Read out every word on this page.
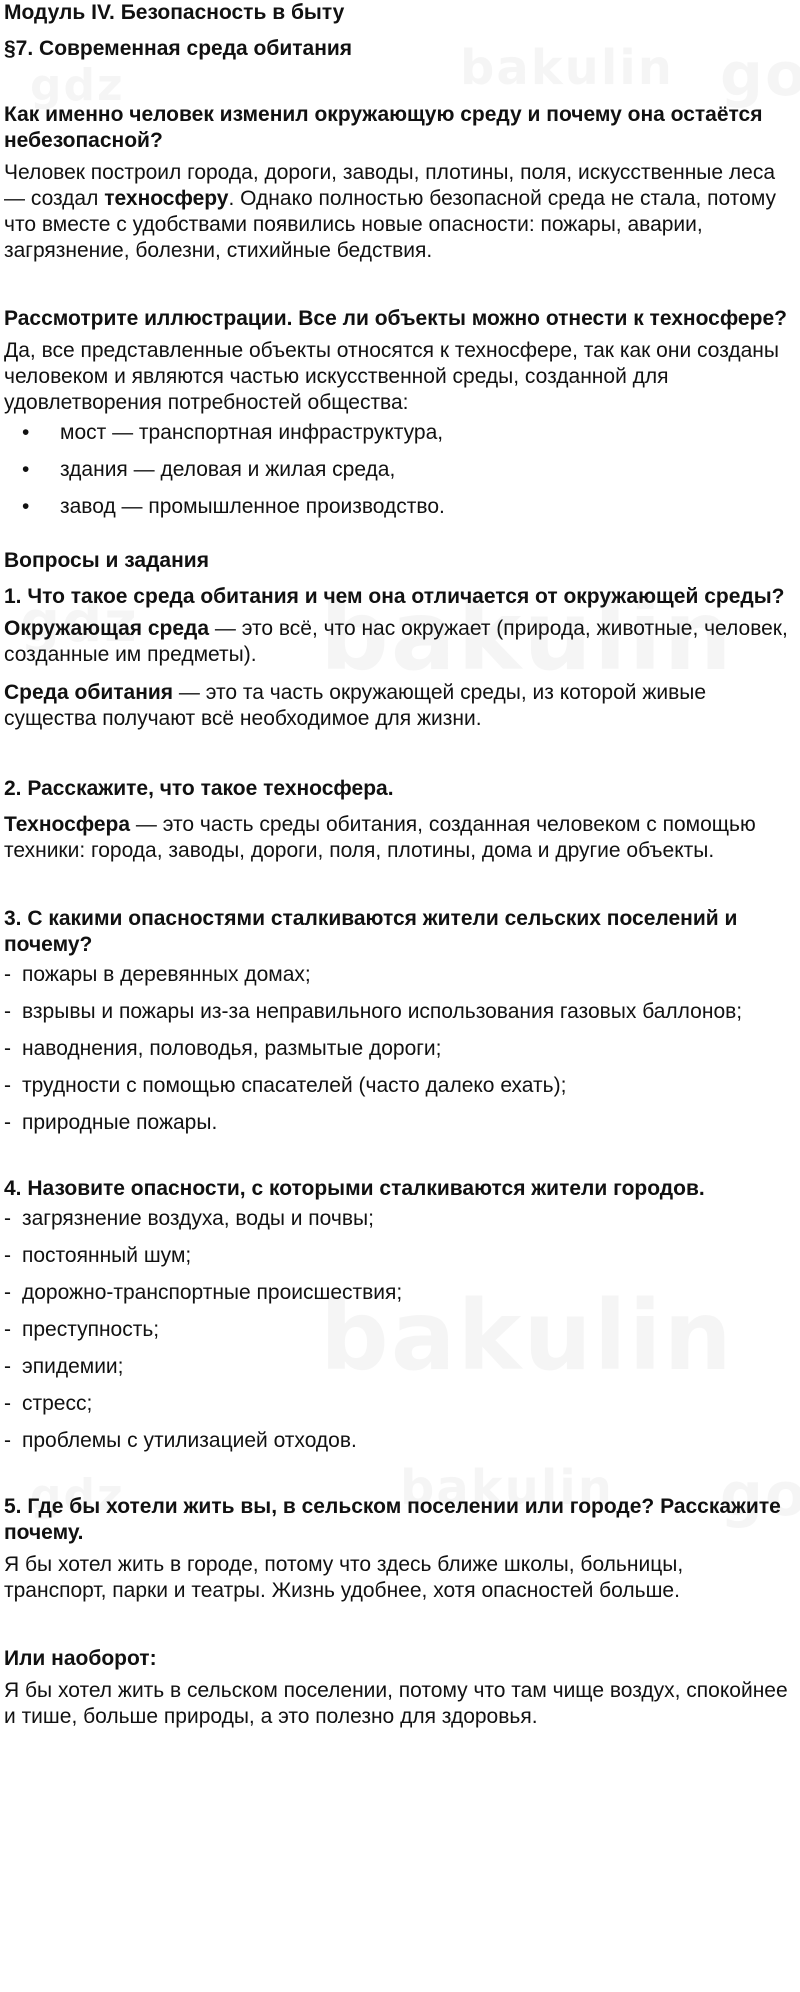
Модуль IV. Безопасность в быту
§7. Современная среда обитания

Как именно человек изменил окружающую среду и почему она остаётся небезопасной?

Человек построил города, дороги, заводы, плотины, поля, искусственные леса — создал техносферу. Однако полностью безопасной среда не стала, потому что вместе с удобствами появились новые опасности: пожары, аварии, загрязнение, болезни, стихийные бедствия.

Рассмотрите иллюстрации. Все ли объекты можно отнести к техносфере?

Да, все представленные объекты относятся к техносфере, так как они созданы человеком и являются частью искусственной среды, созданной для удовлетворения потребностей общества:

• мост — транспортная инфраструктура,
• здания — деловая и жилая среда,
• завод — промышленное производство.
Вопросы и задания

1. Что такое среда обитания и чем она отличается от окружающей среды?

Окружающая среда — это всё, что нас окружает (природа, животные, человек, созданные им предметы).

Среда обитания — это та часть окружающей среды, из которой живые существа получают всё необходимое для жизни.

2. Расскажите, что такое техносфера.

Техносфера — это часть среды обитания, созданная человеком с помощью техники: города, заводы, дороги, поля, плотины, дома и другие объекты.

3. С какими опасностями сталкиваются жители сельских поселений и почему?

- пожары в деревянных домах;
- взрывы и пожары из-за неправильного использования газовых баллонов;
- наводнения, половодья, размытые дороги;
- трудности с помощью спасателей (часто далеко ехать);
- природные пожары.

4. Назовите опасности, с которыми сталкиваются жители городов.

- загрязнение воздуха, воды и почвы;
- постоянный шум;
- дорожно-транспортные происшествия;
- преступность;
- эпидемии;
- стресс;
- проблемы с утилизацией отходов.

5. Где бы хотели жить вы, в сельском поселении или городе? Расскажите почему.

Я бы хотел жить в городе, потому что здесь ближе школы, больницы, транспорт, парки и театры. Жизнь удобнее, хотя опасностей больше.

Или наоборот:

Я бы хотел жить в сельском поселении, потому что там чище воздух, спокойнее и тише, больше природы, а это полезно для здоровья.
